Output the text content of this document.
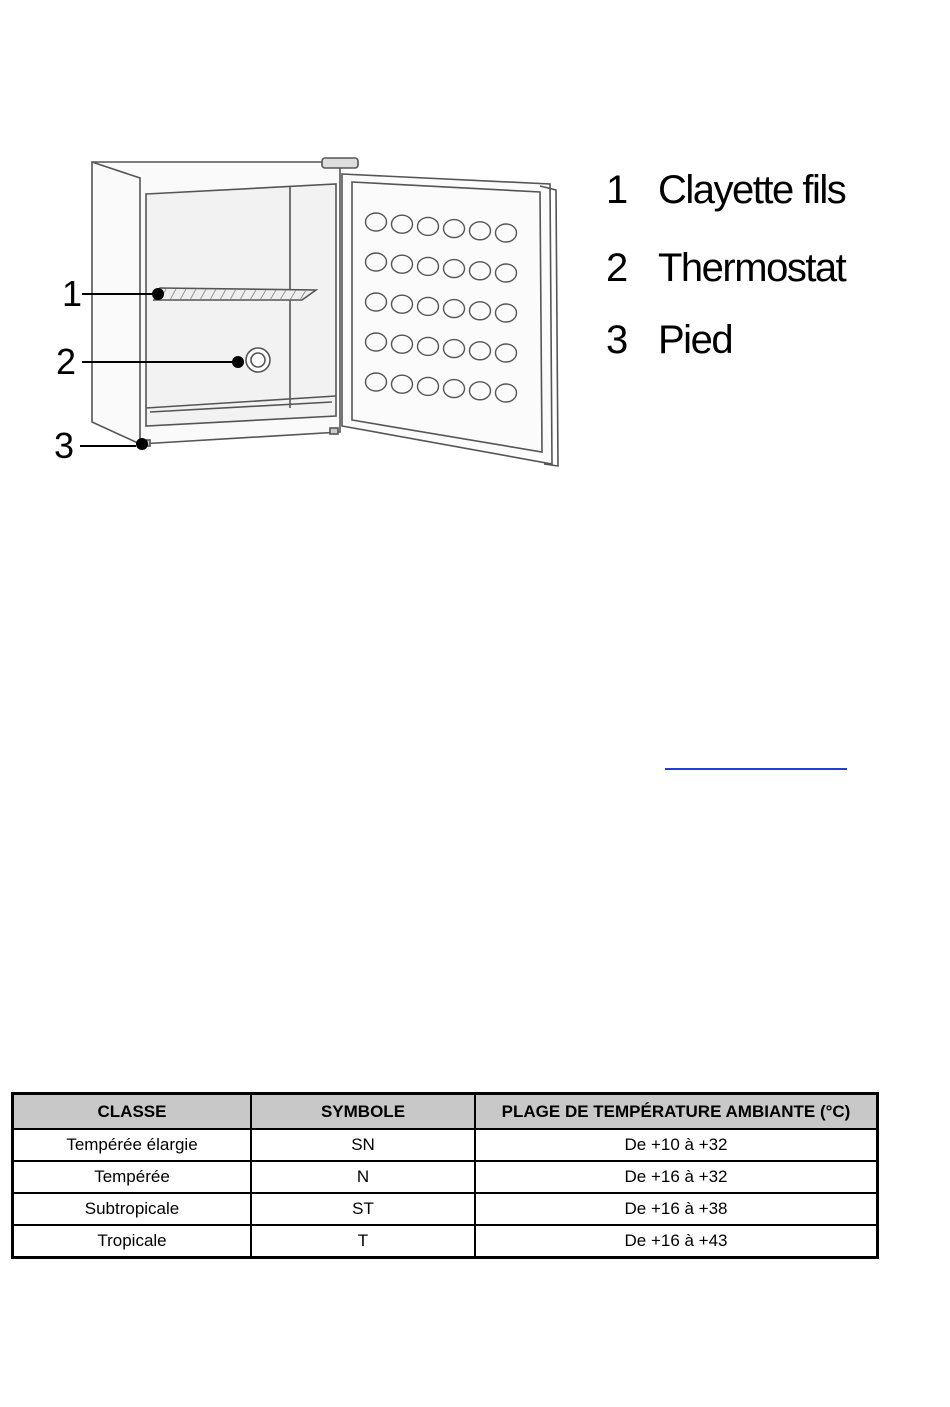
1
2
3
1 Clayette fils
2 Thermostat
3 Pied
CLASSE	SYMBOLE	PLAGE DE TEMPÉRATURE AMBIANTE (°C)
Tempérée élargie	SN	De +10 à +32
Tempérée	N	De +16 à +32
Subtropicale	ST	De +16 à +38
Tropicale	T	De +16 à +43
